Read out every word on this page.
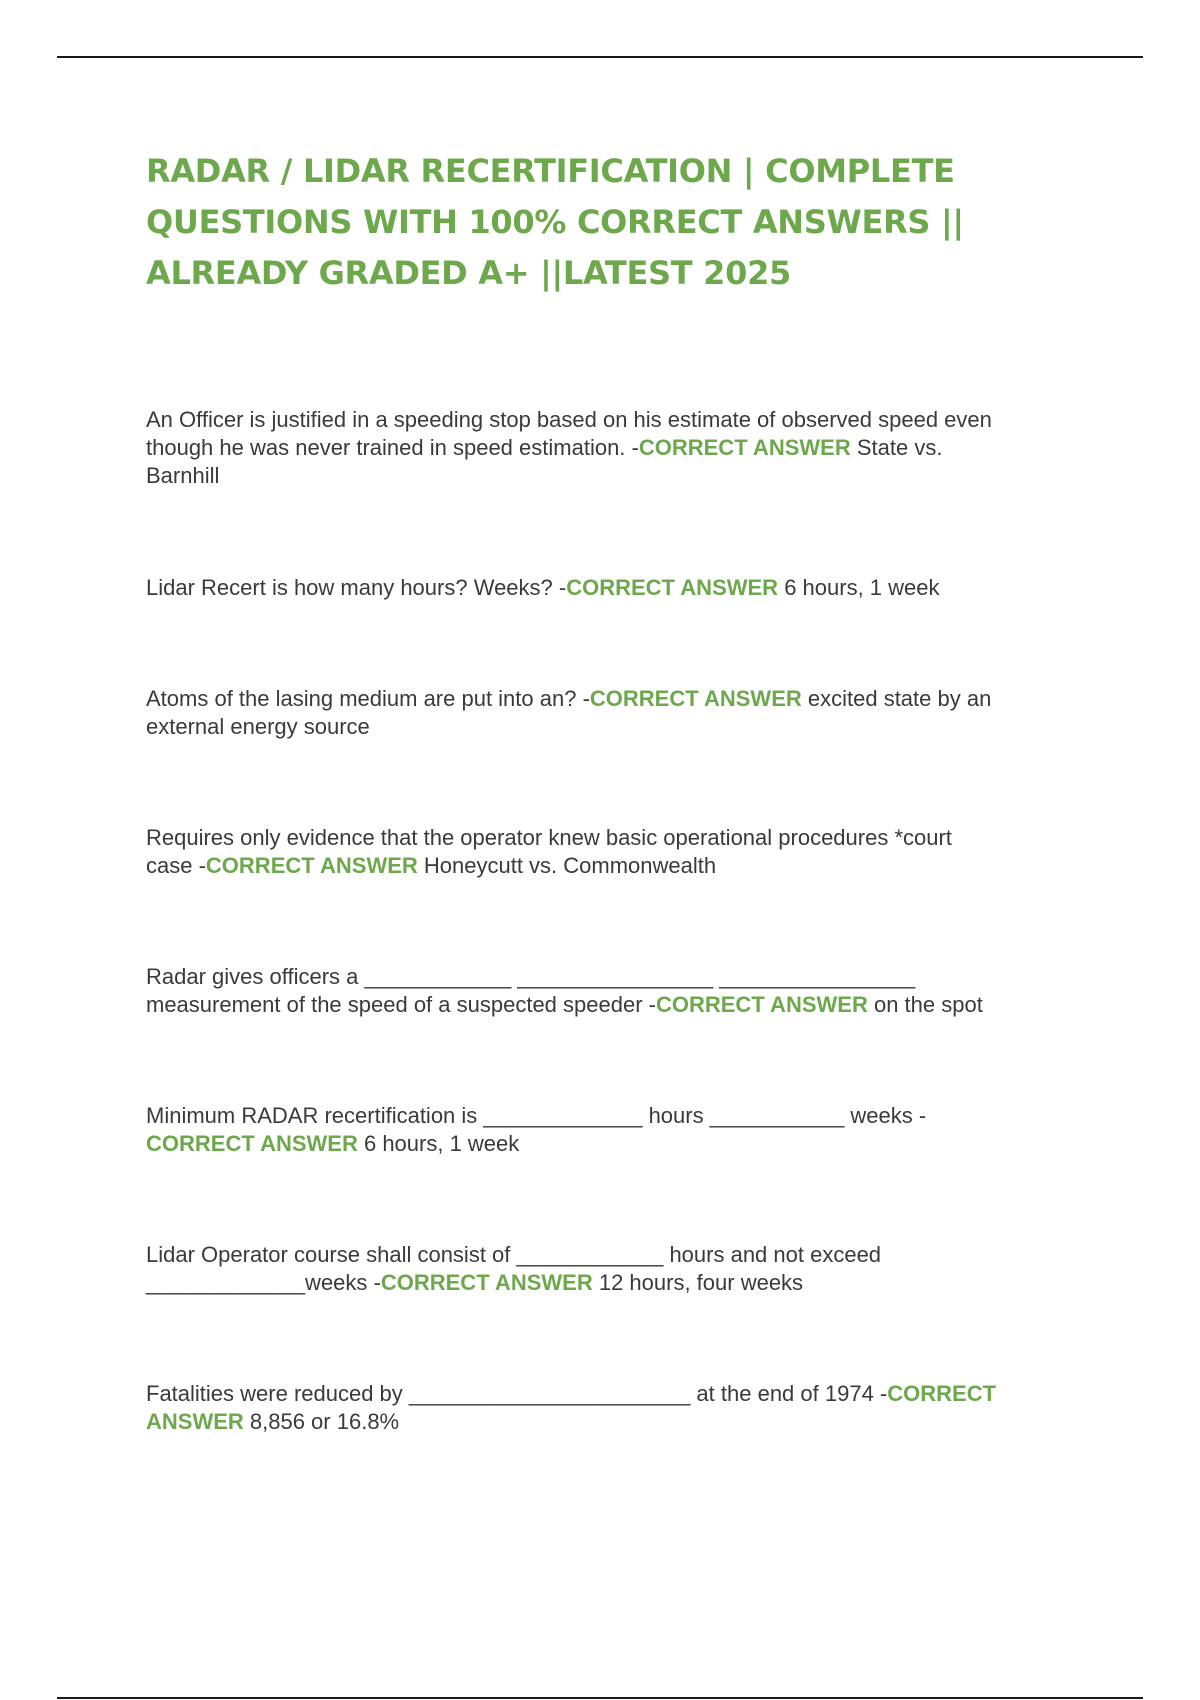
RADAR / LIDAR RECERTIFICATION | COMPLETE
QUESTIONS WITH 100% CORRECT ANSWERS ||
ALREADY GRADED A+ ||LATEST 2025
An Officer is justified in a speeding stop based on his estimate of observed speed even
though he was never trained in speed estimation. -CORRECT ANSWER State vs.
Barnhill
Lidar Recert is how many hours? Weeks? -CORRECT ANSWER 6 hours, 1 week
Atoms of the lasing medium are put into an? -CORRECT ANSWER excited state by an
external energy source
Requires only evidence that the operator knew basic operational procedures *court
case -CORRECT ANSWER Honeycutt vs. Commonwealth
Radar gives officers a ____________ ________________ ________________
measurement of the speed of a suspected speeder -CORRECT ANSWER on the spot
Minimum RADAR recertification is _____________ hours ___________ weeks -
CORRECT ANSWER 6 hours, 1 week
Lidar Operator course shall consist of ____________ hours and not exceed
_____________weeks -CORRECT ANSWER 12 hours, four weeks
Fatalities were reduced by _______________________ at the end of 1974 -CORRECT
ANSWER 8,856 or 16.8%
